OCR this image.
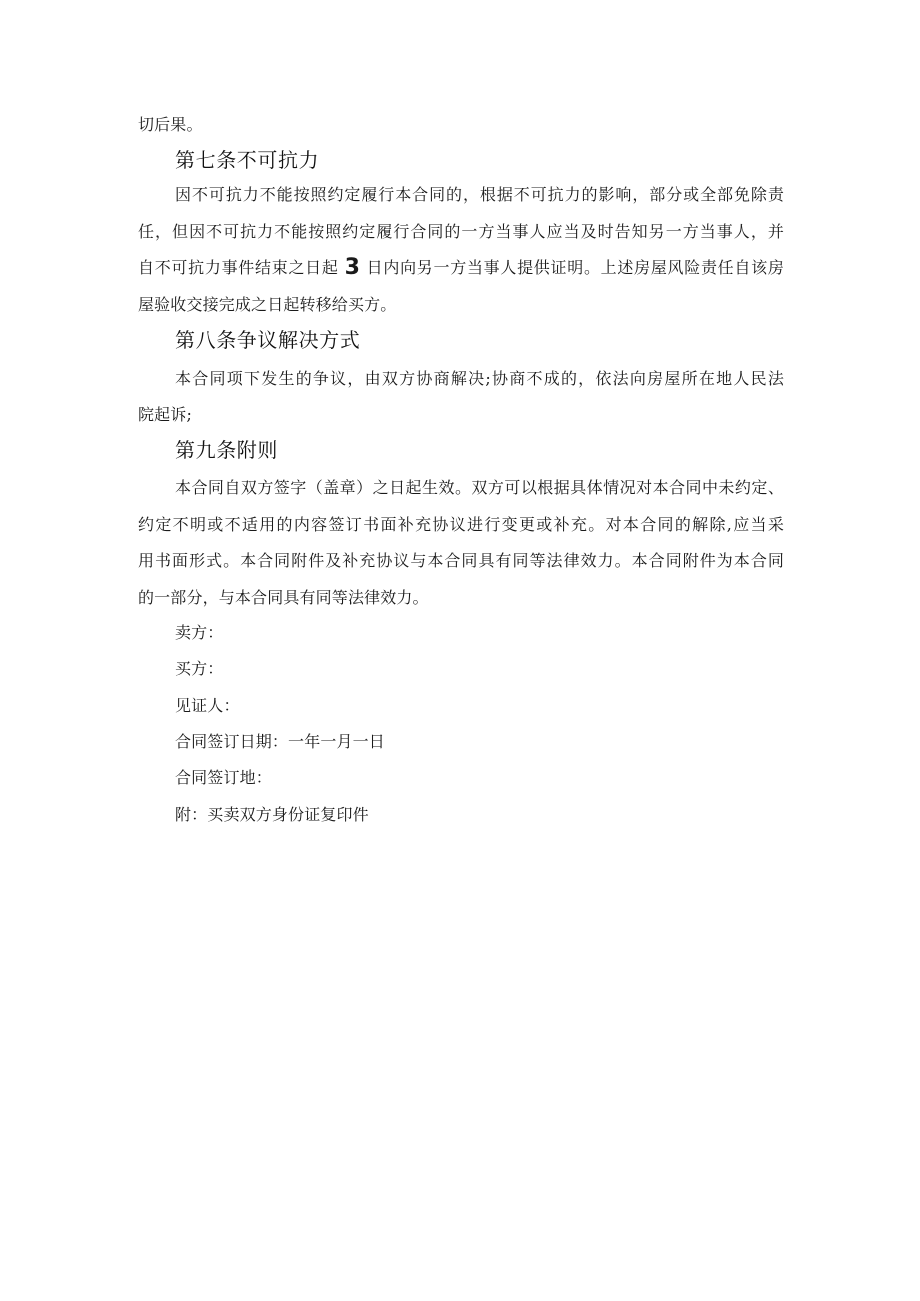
切后果。
第七条不可抗力
因不可抗力不能按照约定履行本合同的，根据不可抗力的影响，部分或全部免除责
任，但因不可抗力不能按照约定履行合同的一方当事人应当及时告知另一方当事人，并
自不可抗力事件结束之日起 3 日内向另一方当事人提供证明。上述房屋风险责任自该房
屋验收交接完成之日起转移给买方。
第八条争议解决方式
本合同项下发生的争议，由双方协商解决;协商不成的，依法向房屋所在地人民法
院起诉;
第九条附则
本合同自双方签字（盖章）之日起生效。双方可以根据具体情况对本合同中未约定、
约定不明或不适用的内容签订书面补充协议进行变更或补充。对本合同的解除,应当采
用书面形式。本合同附件及补充协议与本合同具有同等法律效力。本合同附件为本合同
的一部分，与本合同具有同等法律效力。
卖方：
买方：
见证人：
合同签订日期：一年一月一日
合同签订地：
附：买卖双方身份证复印件
